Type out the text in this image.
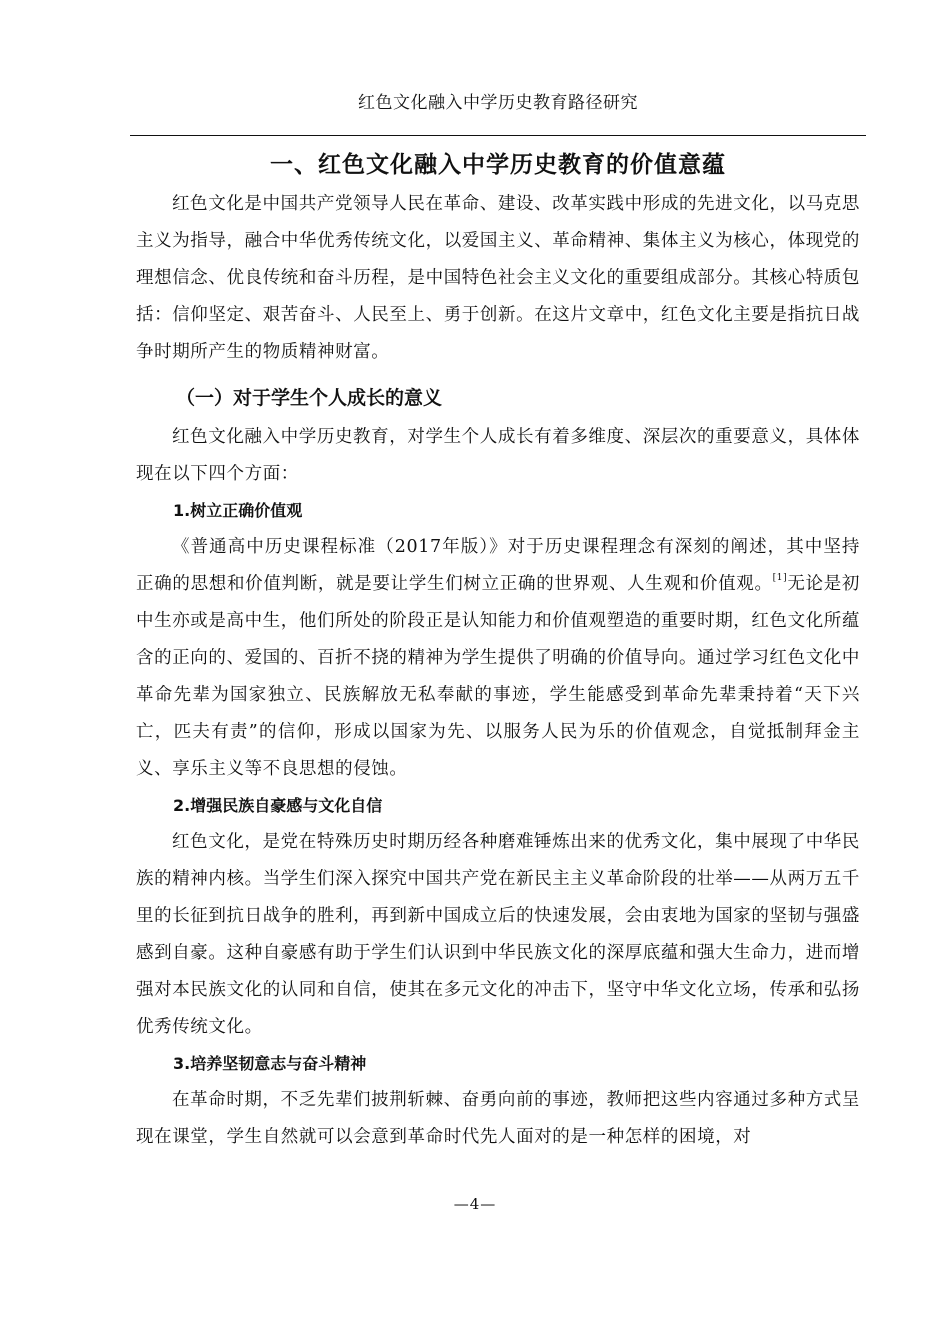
红色文化融入中学历史教育路径研究
一、红色文化融入中学历史教育的价值意蕴

红色文化是中国共产党领导人民在革命、建设、改革实践中形成的先进文化，以马克思主义为指导，融合中华优秀传统文化，以爱国主义、革命精神、集体主义为核心，体现党的理想信念、优良传统和奋斗历程，是中国特色社会主义文化的重要组成部分。其核心特质包括：信仰坚定、艰苦奋斗、人民至上、勇于创新。在这片文章中，红色文化主要是指抗日战争时期所产生的物质精神财富。

（一）对于学生个人成长的意义

红色文化融入中学历史教育，对学生个人成长有着多维度、深层次的重要意义，具体体现在以下四个方面：

1.树立正确价值观

《普通高中历史课程标准（2017年版）》对于历史课程理念有深刻的阐述，其中坚持正确的思想和价值判断，就是要让学生们树立正确的世界观、人生观和价值观。[1]无论是初中生亦或是高中生，他们所处的阶段正是认知能力和价值观塑造的重要时期，红色文化所蕴含的正向的、爱国的、百折不挠的精神为学生提供了明确的价值导向。通过学习红色文化中革命先辈为国家独立、民族解放无私奉献的事迹，学生能感受到革命先辈秉持着“天下兴亡，匹夫有责”的信仰，形成以国家为先、以服务人民为乐的价值观念，自觉抵制拜金主义、享乐主义等不良思想的侵蚀。

2.增强民族自豪感与文化自信

红色文化，是党在特殊历史时期历经各种磨难锤炼出来的优秀文化，集中展现了中华民族的精神内核。当学生们深入探究中国共产党在新民主主义革命阶段的壮举——从两万五千里的长征到抗日战争的胜利，再到新中国成立后的快速发展，会由衷地为国家的坚韧与强盛感到自豪。这种自豪感有助于学生们认识到中华民族文化的深厚底蕴和强大生命力，进而增强对本民族文化的认同和自信，使其在多元文化的冲击下，坚守中华文化立场，传承和弘扬优秀传统文化。

3.培养坚韧意志与奋斗精神

在革命时期，不乏先辈们披荆斩棘、奋勇向前的事迹，教师把这些内容通过多种方式呈现在课堂，学生自然就可以会意到革命时代先人面对的是一种怎样的困境，对

—4—
